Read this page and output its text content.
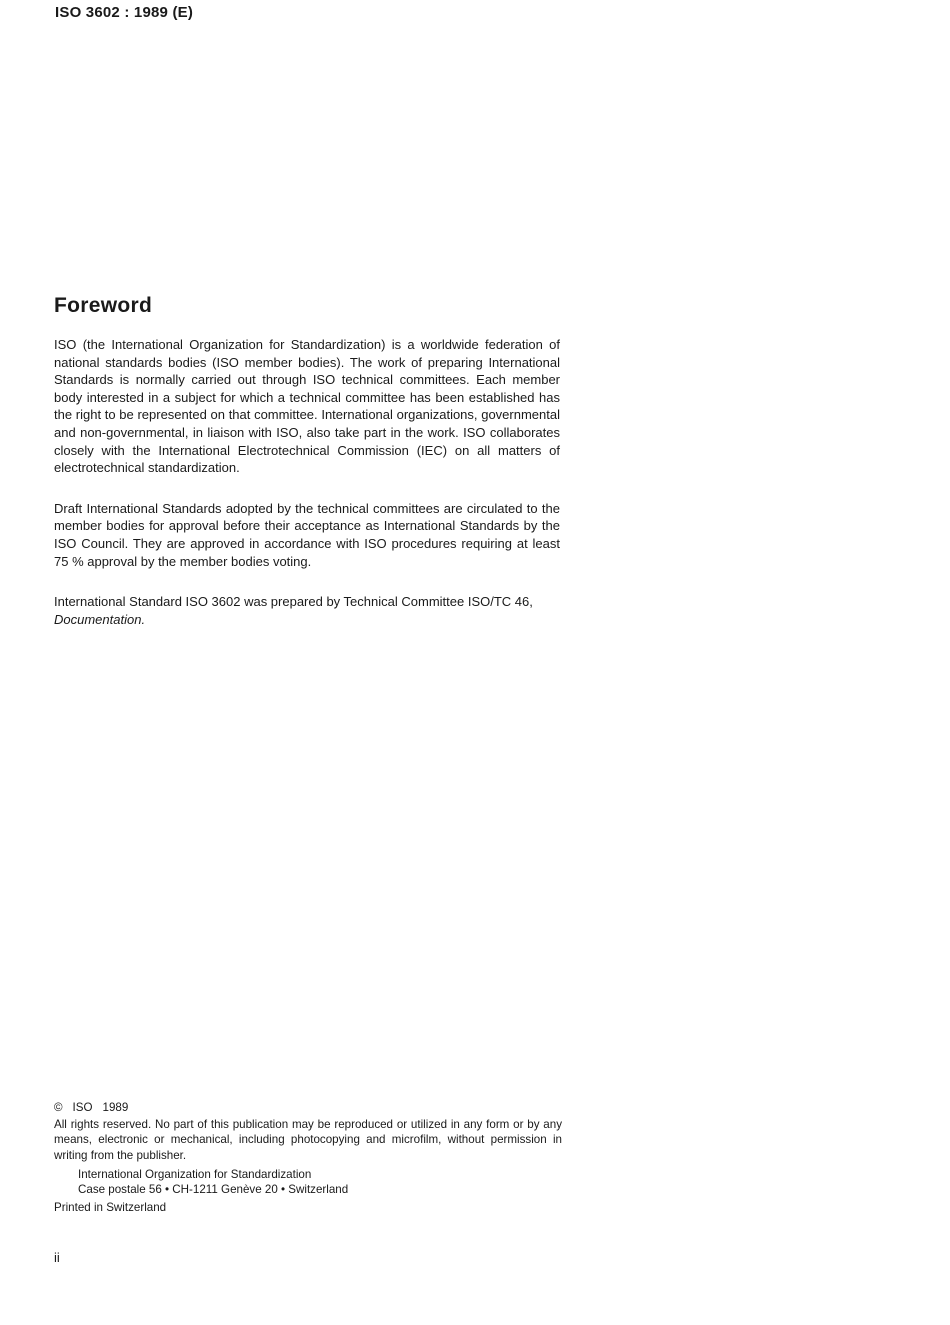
ISO 3602 : 1989 (E)
Foreword

ISO (the International Organization for Standardization) is a worldwide federation of national standards bodies (ISO member bodies). The work of preparing International Standards is normally carried out through ISO technical committees. Each member body interested in a subject for which a technical committee has been established has the right to be represented on that committee. International organizations, governmental and non-governmental, in liaison with ISO, also take part in the work. ISO collaborates closely with the International Electrotechnical Commission (IEC) on all matters of electrotechnical standardization.

Draft International Standards adopted by the technical committees are circulated to the member bodies for approval before their acceptance as International Standards by the ISO Council. They are approved in accordance with ISO procedures requiring at least 75 % approval by the member bodies voting.

International Standard ISO 3602 was prepared by Technical Committee ISO/TC 46,
Documentation.

© ISO 1989

All rights reserved. No part of this publication may be reproduced or utilized in any form or by any means, electronic or mechanical, including photocopying and microfilm, without permission in writing from the publisher.

International Organization for Standardization
Case postale 56 • CH-1211 Genève 20 • Switzerland

Printed in Switzerland

ii
